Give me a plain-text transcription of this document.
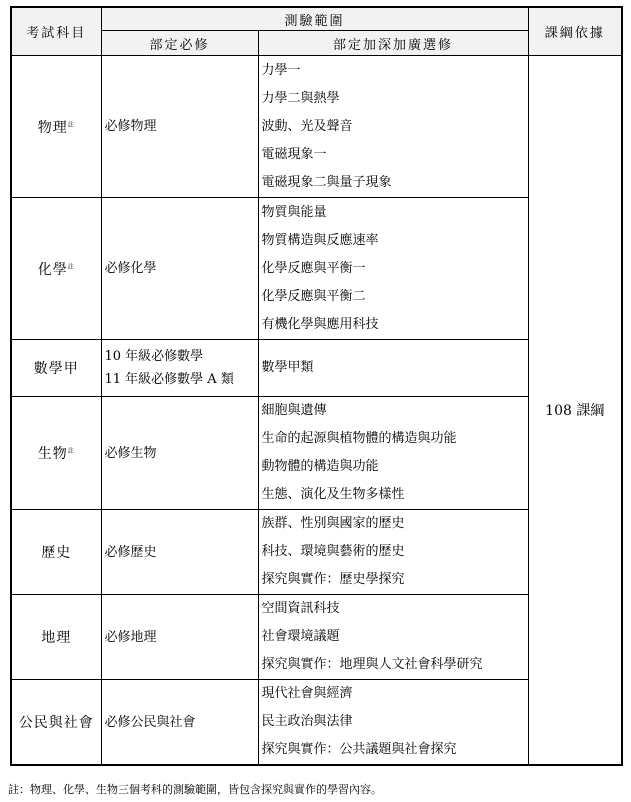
考試科目	測驗範圍		課綱依據
	部定必修	部定加深加廣選修	
物理$^註$	必修物理	力學一
力學二與熱學
波動、光及聲音
電磁現象一
電磁現象二與量子現象	108 課綱
化學$^註$	必修化學	物質與能量
物質構造與反應速率
化學反應與平衡一
化學反應與平衡二
有機化學與應用科技	

數學甲	10 年級必修數學
11 年級必修數學 A 類	數學甲類	

生物$^註$	必修生物	細胞與遺傳
生命的起源與植物體的構造與功能
動物體的構造與功能
生態、演化及生物多樣性	

歷史	必修歷史	族群、性別與國家的歷史
科技、環境與藝術的歷史
探究與實作：歷史學探究	

地理	必修地理	空間資訊科技
社會環境議題
探究與實作：地理與人文社會科學研究	

公民與社會	必修公民與社會	現代社會與經濟
民主政治與法律
探究與實作：公共議題與社會探究	
註：物理、化學、生物三個考科的測驗範圍，皆包含探究與實作的學習內容。
